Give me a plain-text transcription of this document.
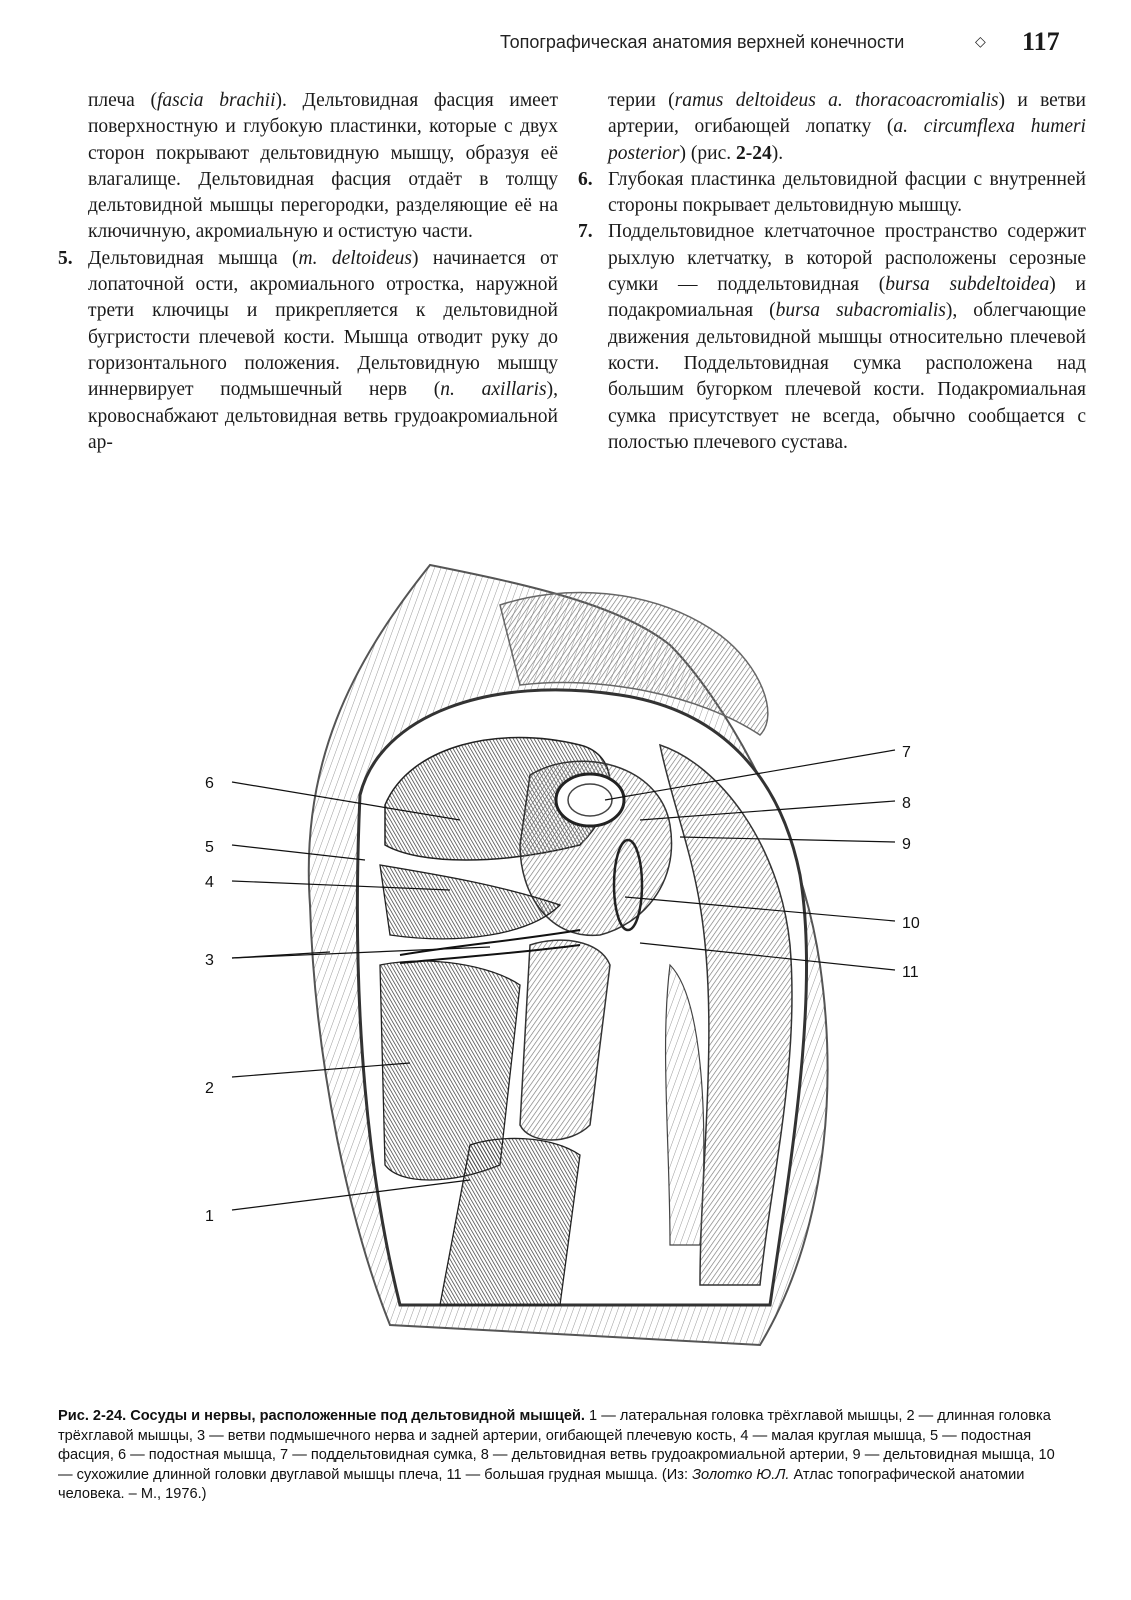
Топографическая анатомия верхней конечности	◇ 117

плеча (fascia brachii). Дельтовидная фасция имеет поверхностную и глубокую пластинки, которые с двух сторон покрывают дельтовидную мышцу, образуя её влагалище. Дельтовидная фасция отдаёт в толщу дельтовидной мышцы перегородки, разделяющие её на ключичную, акромиальную и остистую части.

5. Дельтовидная мышца (m. deltoideus) начинается от лопаточной ости, акромиального отростка, наружной трети ключицы и прикрепляется к дельтовидной бугристости плечевой кости. Мышца отводит руку до горизонтального положения. Дельтовидную мышцу иннервирует подмышечный нерв (n. axillaris), кровоснабжают дельтовидная ветвь грудоакромиальной ар-

терии (ramus deltoideus a. thoracoacromialis) и ветви артерии, огибающей лопатку (a. circumflexa humeri posterior) (рис. 2-24).

6. Глубокая пластинка дельтовидной фасции с внутренней стороны покрывает дельтовидную мышцу.

7. Поддельтовидное клетчаточное пространство содержит рыхлую клетчатку, в которой расположены серозные сумки — поддельтовидная (bursa subdeltoidea) и подакромиальная (bursa subacromialis), облегчающие движения дельтовидной мышцы относительно плечевой кости. Поддельтовидная сумка расположена над большим бугорком плечевой кости. Подакромиальная сумка присутствует не всегда, обычно сообщается с полостью плечевого сустава.

6
5
4
3
2
1
7
8
9
10
11
Рис. 2-24. Сосуды и нервы, расположенные под дельтовидной мышцей. 1 — латеральная головка трёхглавой мышцы, 2 — длинная головка трёхглавой мышцы, 3 — ветви подмышечного нерва и задней артерии, огибающей плечевую кость, 4 — малая круглая мышца, 5 — подостная фасция, 6 — подостная мышца, 7 — поддельтовидная сумка, 8 — дельтовидная ветвь грудоакромиальной артерии, 9 — дельтовидная мышца, 10 — сухожилие длинной головки двуглавой мышцы плеча, 11 — большая грудная мышца. (Из: Золотко Ю.Л. Атлас топографической анатомии человека. – М., 1976.)
